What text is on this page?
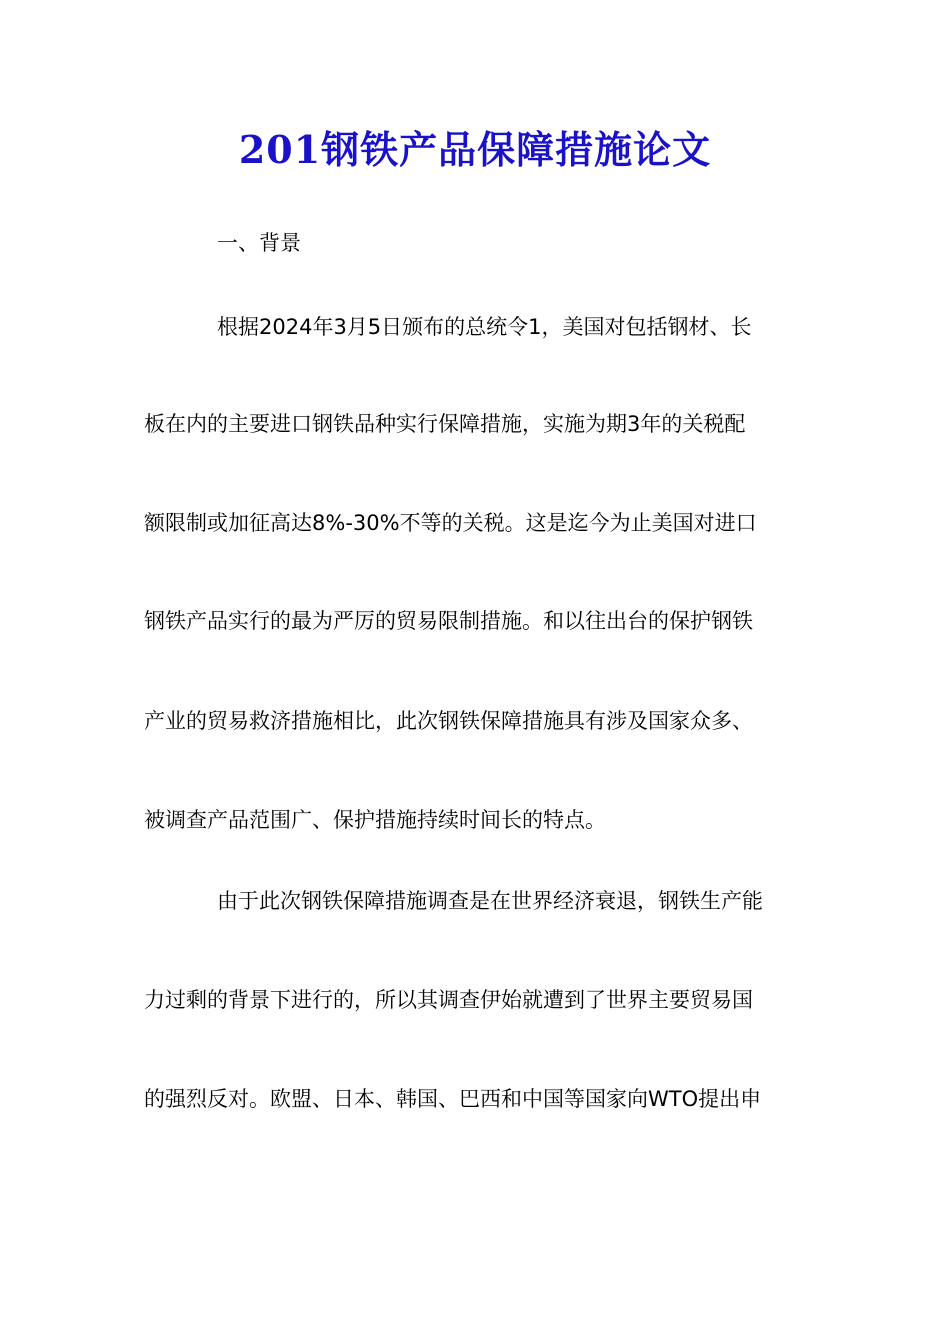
201钢铁产品保障措施论文

一、背景

根据2024年3月5日颁布的总统令1，美国对包括钢材、长

板在内的主要进口钢铁品种实行保障措施，实施为期3年的关税配

额限制或加征高达8%-30%不等的关税。这是迄今为止美国对进口

钢铁产品实行的最为严厉的贸易限制措施。和以往出台的保护钢铁

产业的贸易救济措施相比，此次钢铁保障措施具有涉及国家众多、

被调查产品范围广、保护措施持续时间长的特点。

由于此次钢铁保障措施调查是在世界经济衰退，钢铁生产能

力过剩的背景下进行的，所以其调查伊始就遭到了世界主要贸易国

的强烈反对。欧盟、日本、韩国、巴西和中国等国家向WTO提出申
